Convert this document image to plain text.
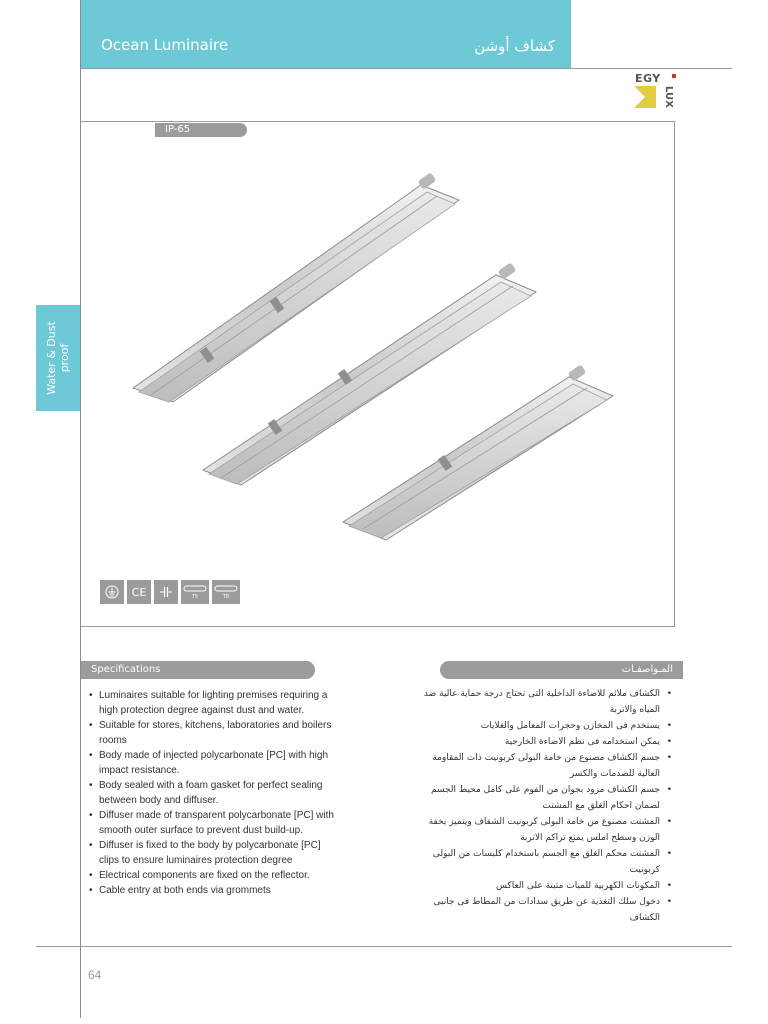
Ocean Luminaire	كشاف أوشن
EGY
LUX
IP-65
CE	T5	T8
Water & Dust proof
Specifications	المـواصفـات
• Luminaires suitable for lighting premises requiring a high protection degree against dust and water.
• Suitable for stores, kitchens, laboratories and boilers rooms
• Body made of injected polycarbonate [PC] with high impact resistance.
• Body sealed with a foam gasket for perfect sealing between body and diffuser.
• Diffuser made of transparent polycarbonate [PC] with smooth outer surface to prevent dust build-up.
• Diffuser is fixed to the body by polycarbonate [PC] clips to ensure luminaires protection degree
• Electrical components are fixed on the reflector.
• Cable entry at both ends via grommets
• الكشاف ملائم للاضاءة الداخلية التى تحتاج درجة حماية عالية ضد المياه والاتربة
• يستخدم فى المخازن وحجرات المعامل والغلايات
• يمكن استخدامه فى نظم الاضاءة الخارجية
• جسم الكشاف مصنوع من خامة البولى كربونيت ذات المقاومة العالية للصدمات والكسر
• جسم الكشاف مزود بجوان من الفوم على كامل محيط الجسم لضمان احكام الغلق مع المشتت
• المشتت مصنوع من خامة البولى كربونيت الشفاف ويتميز بخفة الوزن وسطح املس يمنع تراكم الاتربة
• المشتت محكم الغلق مع الجسم باستخدام كلبسات من البولى كربونيت
• المكونات الكهربية للمبات مثبتة على العاكس
• دخول سلك التغذية عن طريق سدادات من المطاط فى جانبى الكشاف
64
